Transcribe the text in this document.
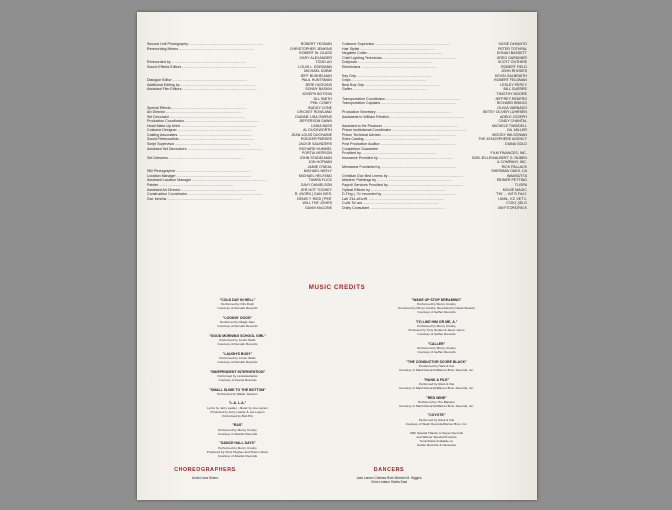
Second Unit Photography ................................................................................	ROBERT YEOMAN
Rerecording Mixers ................................................................................	CHRISTOPHER JENKINS
ROBERT W. GLASS
GARY ALEXANDER
Rerecorded by ................................................................................	TODD-AO
Sound Effects Editors ................................................................................	LOUIS L. EDEMANN
MICHAEL DOBIE
JEFF BUSHELMAN
Dialogue Editor ................................................................................	PAUL HUNTSMAN
Additional Editing by ................................................................................	JERE HUGGINS
Assistant Film Editors ................................................................................	SONNY BASKIN
JOSEPH BOTOSA
JILL SMITH
PHIL CONEY
Special Effects ................................................................................	BUDDY CONE
Art Director ................................................................................	CRICKET ROWLAND
Set Decorator ................................................................................	DIANNE LISA OWENS
Production Coordinator ................................................................................	JEFFERSON DAWN
Head Make-Up Artist ................................................................................	LINDA BASS
Costume Designer ................................................................................	AL DUCKWORTH
Casting Associates ................................................................................	JEAN-LOUIS DUCHAINE
Sound Rerecordists ................................................................................	RODGER PARDEE
Script Supervisor ................................................................................	JACKIE SAUNDERS
Assistant Set Decorators ................................................................................	RICHARD HUMMEL
PORTIA IVERSON
Set Dressers ................................................................................	JOHN STADELMAN
JON HOFMAN
JAMIE O'NEAL
Still Photographer ................................................................................	MICHAEL NEELY
Location Manager ................................................................................	MICHAEL HELFAND
Assistant Location Manager ................................................................................	TAMRA FLICK
Painter ................................................................................	DAVY DANIELSON
Assistant Art Director ................................................................................	JER-HOT TOOHEY
Construction Coordinator ................................................................................	R. (NORD.) DAN IVES.
Gar, ken/ms ................................................................................	DENIS T. RIED ('PEE'
WILL THE JOHRS
GAVIN McCONE
Costume Supervisor ................................................................................	SUSIE DeSANTO
Hair Stylist ................................................................................	PETER TOTHPAL
Negative Cutter ................................................................................	DONAH BASSETT
Chief Lighting Technician ................................................................................	GREG GARDINER
Dollyman ................................................................................	SCOTT GUTHRIE
Electricians ................................................................................	ROBERT FIELD
JOHN RHODES
Key Grip ................................................................................	KEVIN GALBRAITH
Grips ................................................................................	ROBERT FELDMAN
Best Boy Grip ................................................................................	LESLEY PERCY
Gaffer ................................................................................	BILL GUERRE
TIMOTHY MOORE
Transportation Coordinator ................................................................................	JEFFREY RENFRO
Transportation Captains ................................................................................	RICHARD BRAGG
OLIVIA VARNADO
Production Secretary ................................................................................	BETSY OLIVER LUHRSEN
Assistants to William Friedkin ................................................................................	ADELE JOSEPH
CINDY CHANTAL
Assistant to the Producer ................................................................................	MICHELE TWIDDELL
Prison Institutional Coordinator ................................................................................	DA. MILLER
Prison Technical Adviser ................................................................................	WOODY WILSONIAN
Extra Casting ................................................................................	THE ATMOSPHERE AGENCY
Post Production Auditor ................................................................................	DIANA GOLD
Completion Guarantee
Provided by ................................................................................	FILM FINANCES, INC.
Insurance Provided by ................................................................................	BOB JELLEN/ALBERT G. RUBEN
& COMPANY, INC.
Menswear Furnished by ................................................................................	RICK PALLACK
SHERMAN OAKS, CA
Christian Dior Bed Linens by ................................................................................	WAMSUTTA
Masters' Paintings by ................................................................................	REINER PETTING
Payroll Services Provided by ................................................................................	TI-ISPA
Optical Effects by ................................................................................	MOVIE MAGIC
D-Ting (..To 'recorded by ................................................................................	'THI' ... INT'S Filu'1'
Lati 'Zk1-sEcnR. ................................................................................	I ANN-, KC VET'1.
Cu/ts To/ am. ................................................................................	C'OK(' (IELO
Dolby Consultant ................................................................................	JIM FITZPATRICK
MUSIC CREDITS
"COLD DAY IN HELL"
Performed by Otis Rush
Courtesy of Demark Records
"LOOKIN' GOOD"
Performed by Magic Sam
Courtesy of Demark Records
"GOOD MORNING SCHOOL GIRL"
Performed by Junior Wells
Courtesy of Demark Records
"LAUGH'S BUSY"
Performed by Junior Wells
Courtesy of Demark Records
"INDEPENDENT INTERVENTION"
Performed by Linda Eubanks
Courtesy of Arama Records
"SMALL SLIME TO THE BOTTOM"
Performed by Walter Jackson
"L.A. L.A."
Lyrics by Jerry Lawler - Music by Joe Layton
Produced by Jerry Lawler & Joe Layton
Performed by Bob Pitt
"RAS"
Performed by Mercy Crosby
Courtesy of Atlantic Records
"DANCE HALL DAYS"
Performed by Mercy Crosby
Produced by Chris Hughes and Ross Cullum
Courtesy of Atlantic Records
"WAKE UP STOP DREAMING"
Performed by Mercy Crosby
Produced by Mercy Crosby, Recorded by David Stewart
Courtesy of Geffen Records
"I'D LIKE HIM OR ME, A."
Performed by Mercy Crosby
Produced by Tony Seriani & Steve Jones
Courtesy of Geffen Records
"CALLER"
Performed by Mercy Crosby
Courtesy of Geffen Records
"THE CONDUCTOR SCORE BLACK"
Performed by Hack & Kat
Courtesy of Slash Records/Warner Bros. Records, Inc.
"RANK & FILE"
Performed by Rank & File
Courtesy of Slash Records/Warner Bros. Records, Inc.
"RED WINE"
Performed by The Blasters
Courtesy of Slash Records/Warner Bros. Records, Inc.
"COYOTE"
Performed by Rank & File
Courtesy of Slash Records/Warner Bros. Inc.
With Special Thanks to Super Records
and Warner Special Products
Soundtrack Available on
Geffen Records & Cassettes
CHOREOGRAPHERS
Linda Linus Dinero
DANCERS
Jack Larsen Chelsea Ruth Michele M. Higgins
Chris Ledano Sheila East
